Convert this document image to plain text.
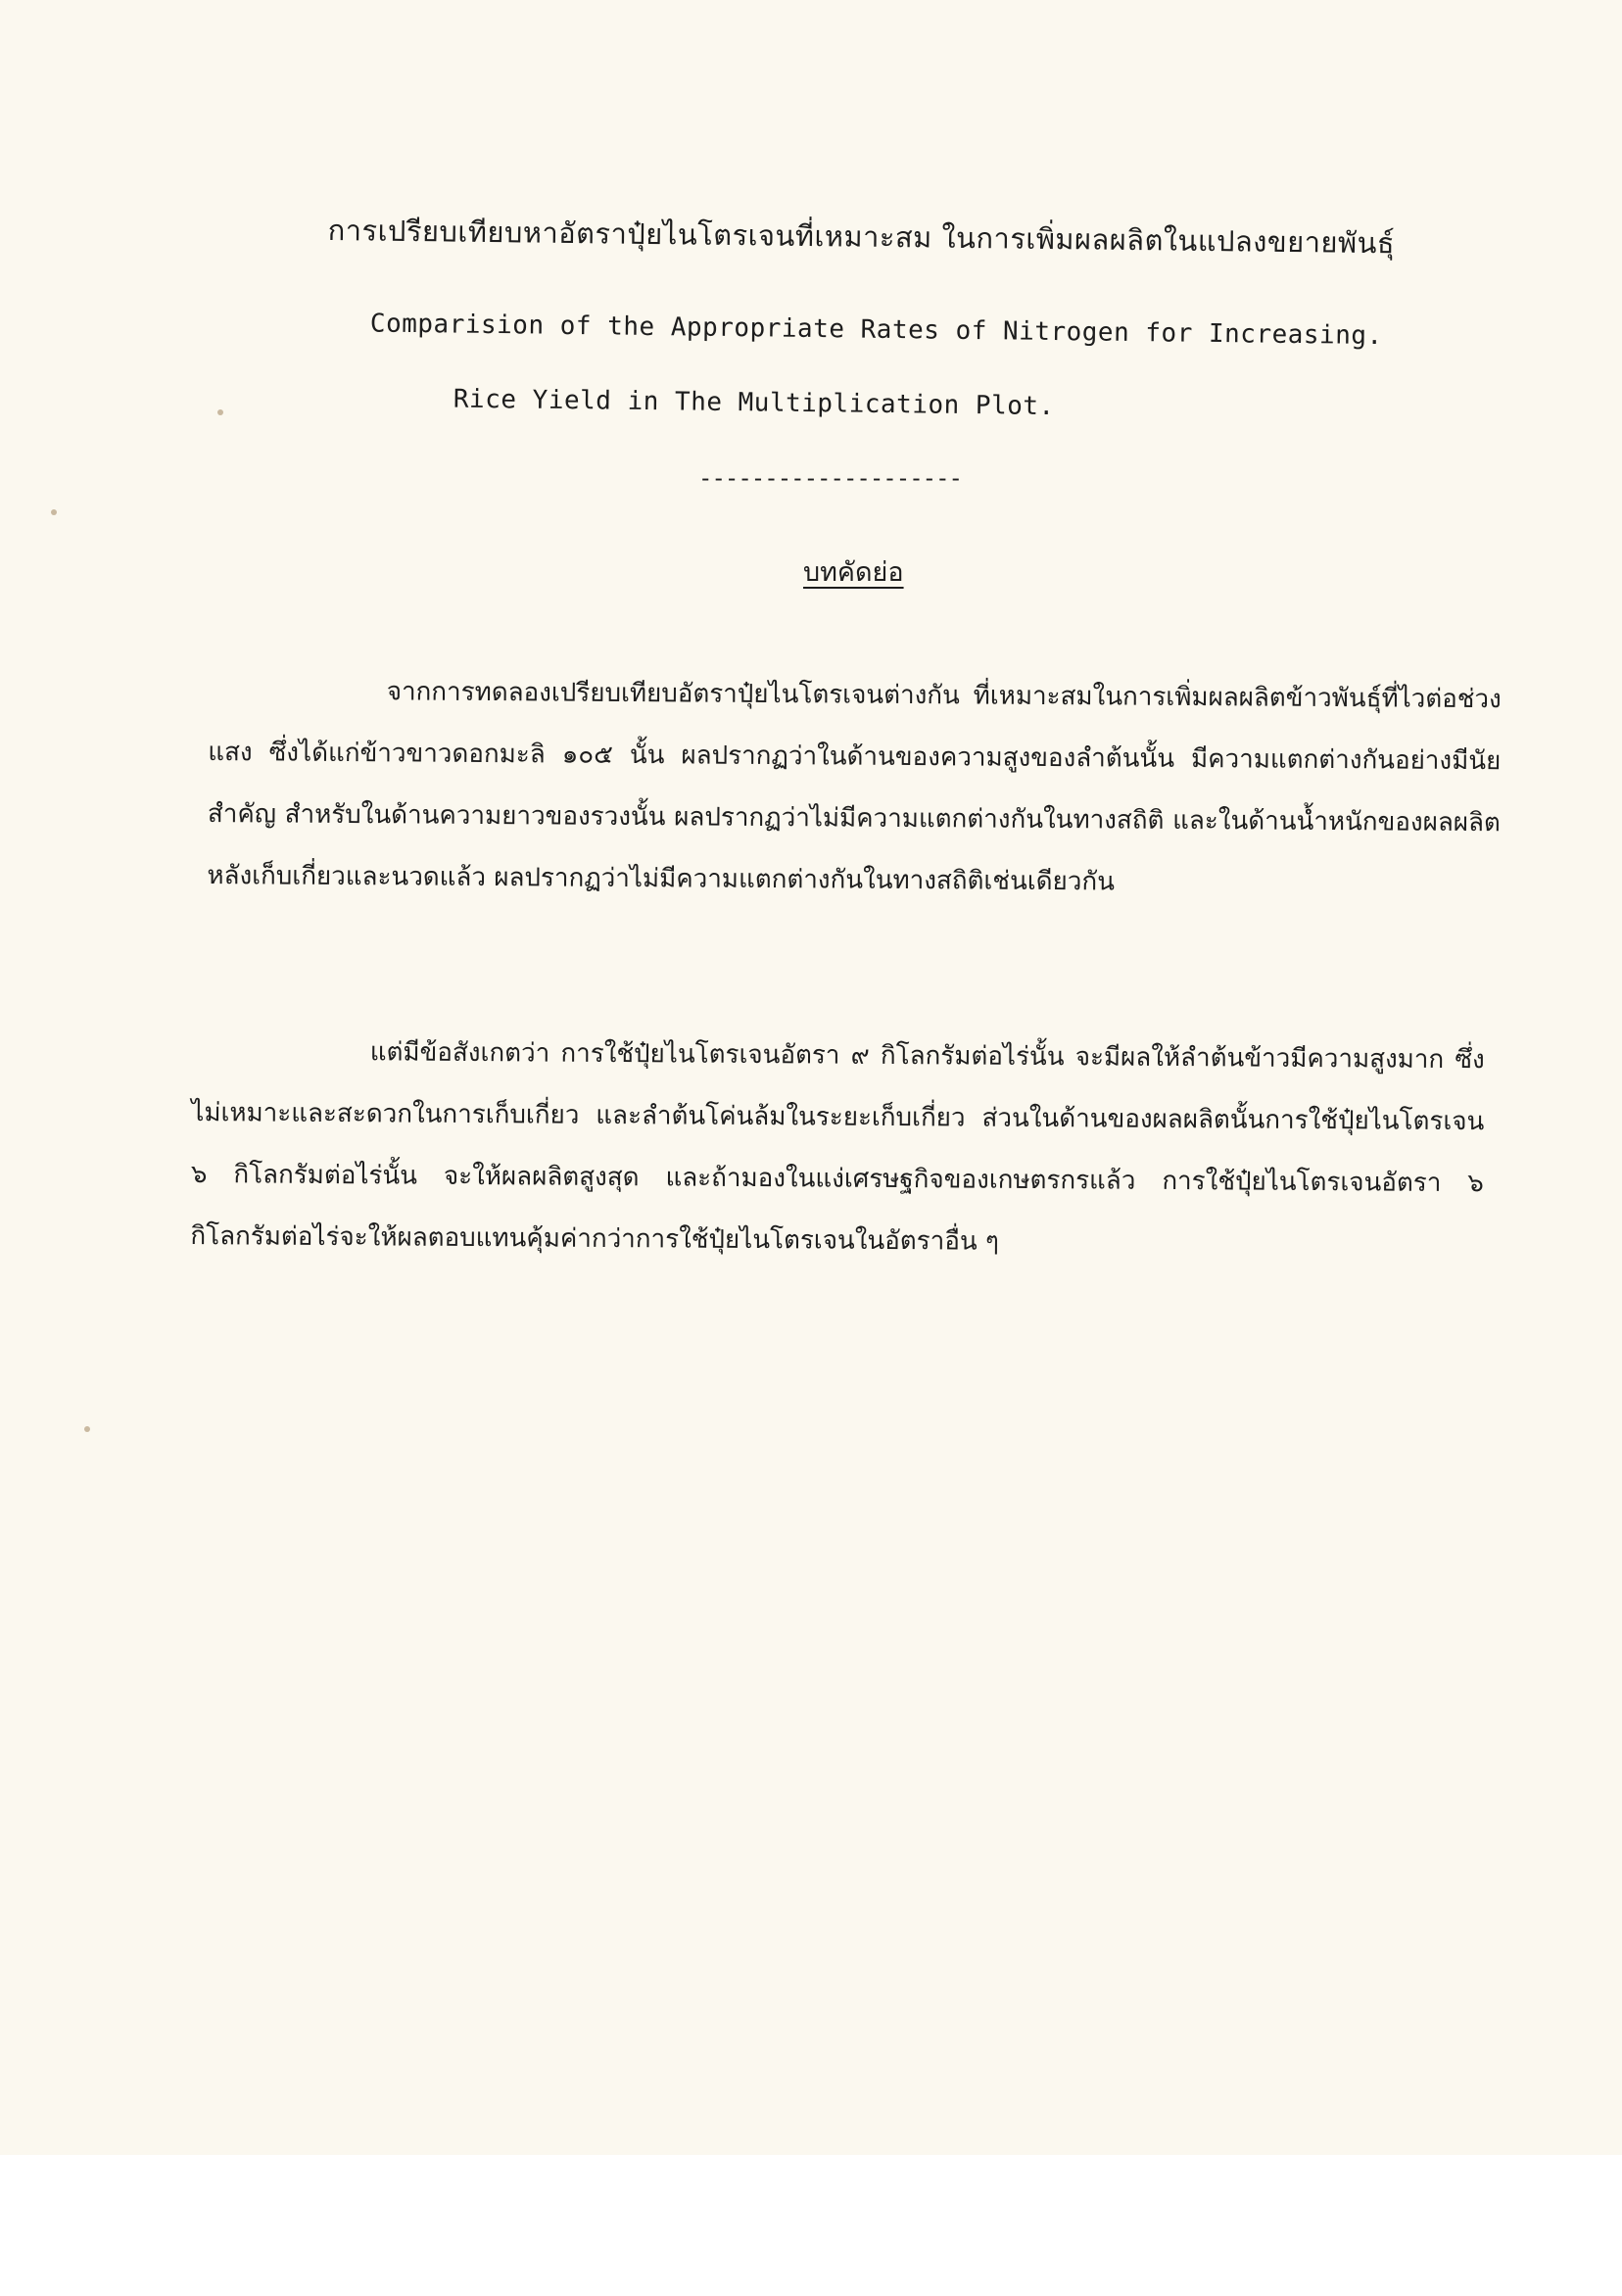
การเปรียบเทียบหาอัตราปุ๋ยไนโตรเจนที่เหมาะสม ในการเพิ่มผลผลิตในแปลงขยายพันธุ์
Comparision of the Appropriate Rates of Nitrogen for Increasing.
Rice Yield in The Multiplication Plot.
--------------------
บทคัดย่อ

จากการทดลองเปรียบเทียบอัตราปุ๋ยไนโตรเจนต่างกัน ที่เหมาะสมในการเพิ่มผลผลิตข้าวพันธุ์ที่ไวต่อช่วงแสง ซึ่งได้แก่ข้าวขาวดอกมะลิ ๑๐๕ นั้น ผลปรากฏว่าในด้านของความสูงของลำต้นนั้น มีความแตกต่างกันอย่างมีนัยสำคัญ สำหรับในด้านความยาวของรวงนั้น ผลปรากฏว่าไม่มีความแตกต่างกันในทางสถิติ และในด้านน้ำหนักของผลผลิตหลังเก็บเกี่ยวและนวดแล้ว ผลปรากฏว่าไม่มีความแตกต่างกันในทางสถิติเช่นเดียวกัน

แต่มีข้อสังเกตว่า การใช้ปุ๋ยไนโตรเจนอัตรา ๙ กิโลกรัมต่อไร่นั้น จะมีผลให้ลำต้นข้าวมีความสูงมาก ซึ่งไม่เหมาะและสะดวกในการเก็บเกี่ยว และลำต้นโค่นล้มในระยะเก็บเกี่ยว ส่วนในด้านของผลผลิตนั้นการใช้ปุ๋ยไนโตรเจน ๖ กิโลกรัมต่อไร่นั้น จะให้ผลผลิตสูงสุด และถ้ามองในแง่เศรษฐกิจของเกษตรกรแล้ว การใช้ปุ๋ยไนโตรเจนอัตรา ๖ กิโลกรัมต่อไร่จะให้ผลตอบแทนคุ้มค่ากว่าการใช้ปุ๋ยไนโตรเจนในอัตราอื่น ๆ
